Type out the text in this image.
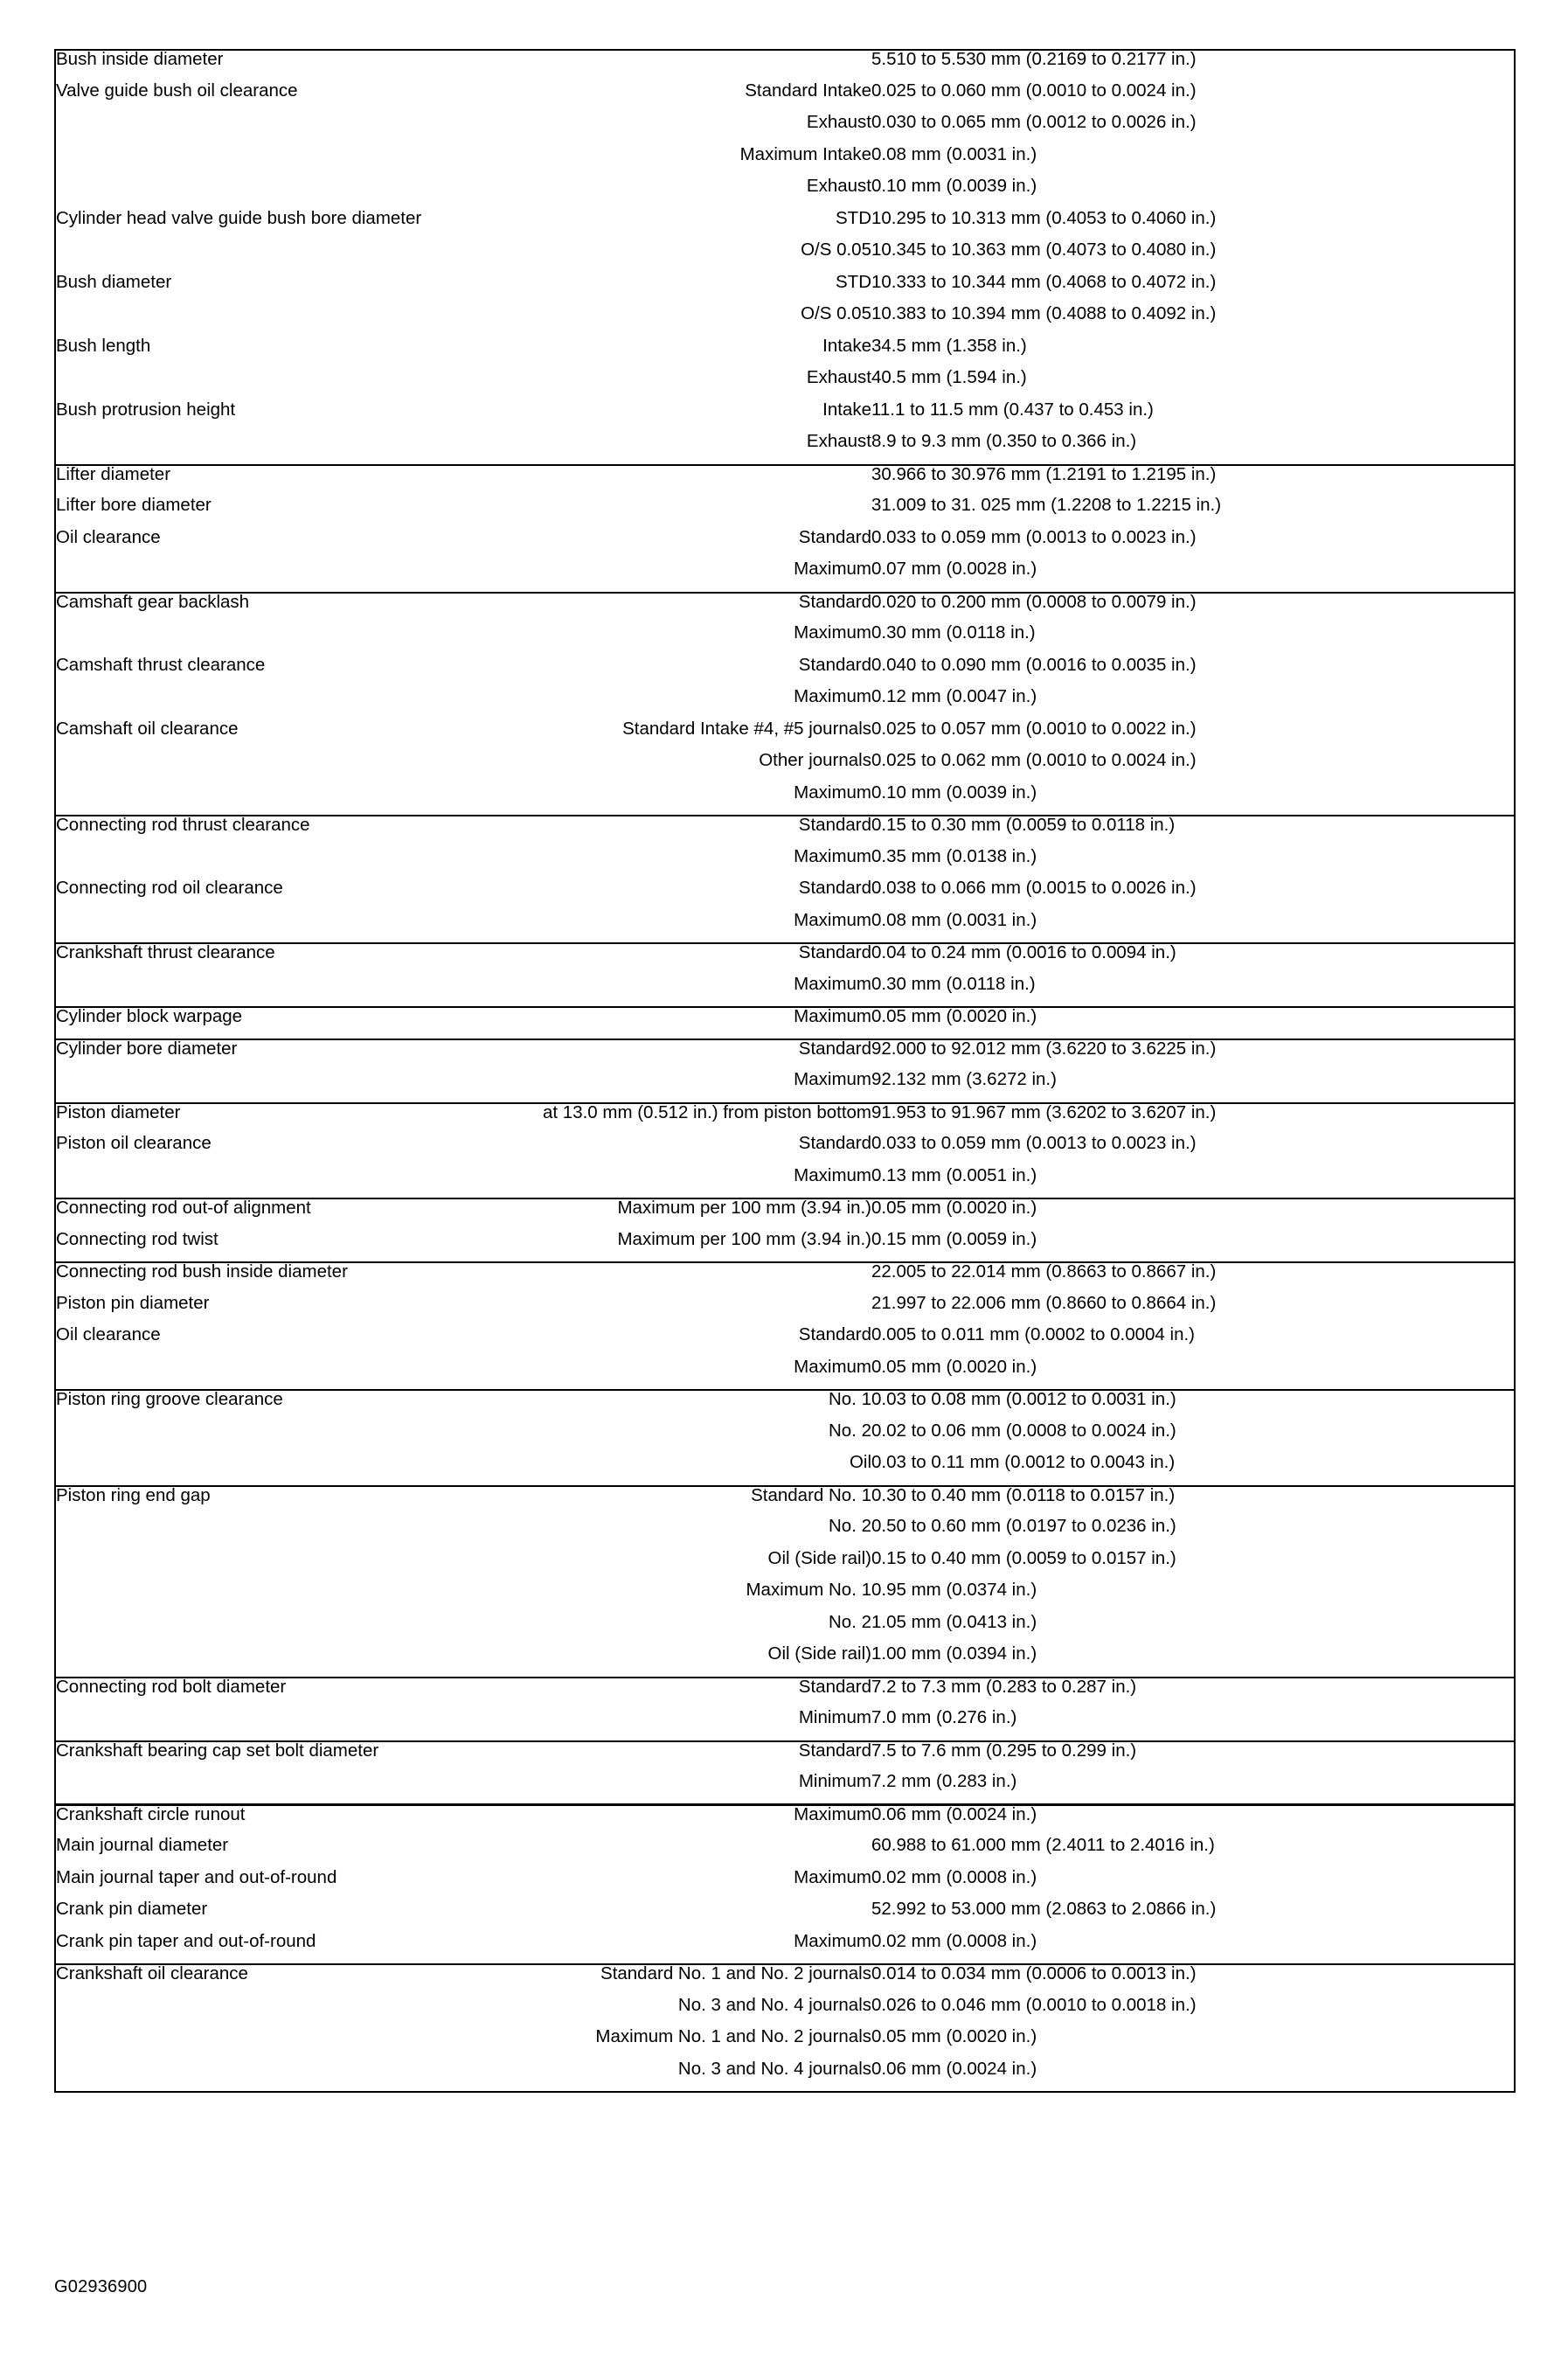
Bush inside diameter		5.510 to 5.530 mm (0.2169 to 0.2177 in.)
Valve guide bush oil clearance	Standard Intake	0.025 to 0.060 mm (0.0010 to 0.0024 in.)
	Exhaust	0.030 to 0.065 mm (0.0012 to 0.0026 in.)
	Maximum Intake	0.08 mm (0.0031 in.)
	Exhaust	0.10 mm (0.0039 in.)
Cylinder head valve guide bush bore diameter	STD	10.295 to 10.313 mm (0.4053 to 0.4060 in.)
	O/S 0.05	10.345 to 10.363 mm (0.4073 to 0.4080 in.)
Bush diameter	STD	10.333 to 10.344 mm (0.4068 to 0.4072 in.)
	O/S 0.05	10.383 to 10.394 mm (0.4088 to 0.4092 in.)
Bush length	Intake	34.5 mm (1.358 in.)
	Exhaust	40.5 mm (1.594 in.)
Bush protrusion height	Intake	11.1 to 11.5 mm (0.437 to 0.453 in.)
	Exhaust	8.9 to 9.3 mm (0.350 to 0.366 in.)
Lifter diameter		30.966 to 30.976 mm (1.2191 to 1.2195 in.)
Lifter bore diameter		31.009 to 31. 025 mm (1.2208 to 1.2215 in.)
Oil clearance	Standard	0.033 to 0.059 mm (0.0013 to 0.0023 in.)
	Maximum	0.07 mm (0.0028 in.)
Camshaft gear backlash	Standard	0.020 to 0.200 mm (0.0008 to 0.0079 in.)
	Maximum	0.30 mm (0.0118 in.)
Camshaft thrust clearance	Standard	0.040 to 0.090 mm (0.0016 to 0.0035 in.)
	Maximum	0.12 mm (0.0047 in.)
Camshaft oil clearance	Standard Intake #4, #5 journals	0.025 to 0.057 mm (0.0010 to 0.0022 in.)
	Other journals	0.025 to 0.062 mm (0.0010 to 0.0024 in.)
	Maximum	0.10 mm (0.0039 in.)
Connecting rod thrust clearance	Standard	0.15 to 0.30 mm (0.0059 to 0.0118 in.)
	Maximum	0.35 mm (0.0138 in.)
Connecting rod oil clearance	Standard	0.038 to 0.066 mm (0.0015 to 0.0026 in.)
	Maximum	0.08 mm (0.0031 in.)
Crankshaft thrust clearance	Standard	0.04 to 0.24 mm (0.0016 to 0.0094 in.)
	Maximum	0.30 mm (0.0118 in.)
Cylinder block warpage	Maximum	0.05 mm (0.0020 in.)
Cylinder bore diameter	Standard	92.000 to 92.012 mm (3.6220 to 3.6225 in.)
	Maximum	92.132 mm (3.6272 in.)
Piston diameter	at 13.0 mm (0.512 in.) from piston bottom	91.953 to 91.967 mm (3.6202 to 3.6207 in.)
Piston oil clearance	Standard	0.033 to 0.059 mm (0.0013 to 0.0023 in.)
	Maximum	0.13 mm (0.0051 in.)
Connecting rod out-of alignment	Maximum per 100 mm (3.94 in.)	0.05 mm (0.0020 in.)
Connecting rod twist	Maximum per 100 mm (3.94 in.)	0.15 mm (0.0059 in.)
Connecting rod bush inside diameter		22.005 to 22.014 mm (0.8663 to 0.8667 in.)
Piston pin diameter		21.997 to 22.006 mm (0.8660 to 0.8664 in.)
Oil clearance	Standard	0.005 to 0.011 mm (0.0002 to 0.0004 in.)
	Maximum	0.05 mm (0.0020 in.)
Piston ring groove clearance	No. 1	0.03 to 0.08 mm (0.0012 to 0.0031 in.)
	No. 2	0.02 to 0.06 mm (0.0008 to 0.0024 in.)
	Oil	0.03 to 0.11 mm (0.0012 to 0.0043 in.)
Piston ring end gap	Standard No. 1	0.30 to 0.40 mm (0.0118 to 0.0157 in.)
	No. 2	0.50 to 0.60 mm (0.0197 to 0.0236 in.)
	Oil (Side rail)	0.15 to 0.40 mm (0.0059 to 0.0157 in.)
	Maximum No. 1	0.95 mm (0.0374 in.)
	No. 2	1.05 mm (0.0413 in.)
	Oil (Side rail)	1.00 mm (0.0394 in.)
Connecting rod bolt diameter	Standard	7.2 to 7.3 mm (0.283 to 0.287 in.)
	Minimum	7.0 mm (0.276 in.)
Crankshaft bearing cap set bolt diameter	Standard	7.5 to 7.6 mm (0.295 to 0.299 in.)
	Minimum	7.2 mm (0.283 in.)
Crankshaft circle runout	Maximum	0.06 mm (0.0024 in.)
Main journal diameter		60.988 to 61.000 mm (2.4011 to 2.4016 in.)
Main journal taper and out-of-round	Maximum	0.02 mm (0.0008 in.)
Crank pin diameter		52.992 to 53.000 mm (2.0863 to 2.0866 in.)
Crank pin taper and out-of-round	Maximum	0.02 mm (0.0008 in.)
Crankshaft oil clearance	Standard No. 1 and No. 2 journals	0.014 to 0.034 mm (0.0006 to 0.0013 in.)
	No. 3 and No. 4 journals	0.026 to 0.046 mm (0.0010 to 0.0018 in.)
	Maximum No. 1 and No. 2 journals	0.05 mm (0.0020 in.)
	No. 3 and No. 4 journals	0.06 mm (0.0024 in.)
G02936900
